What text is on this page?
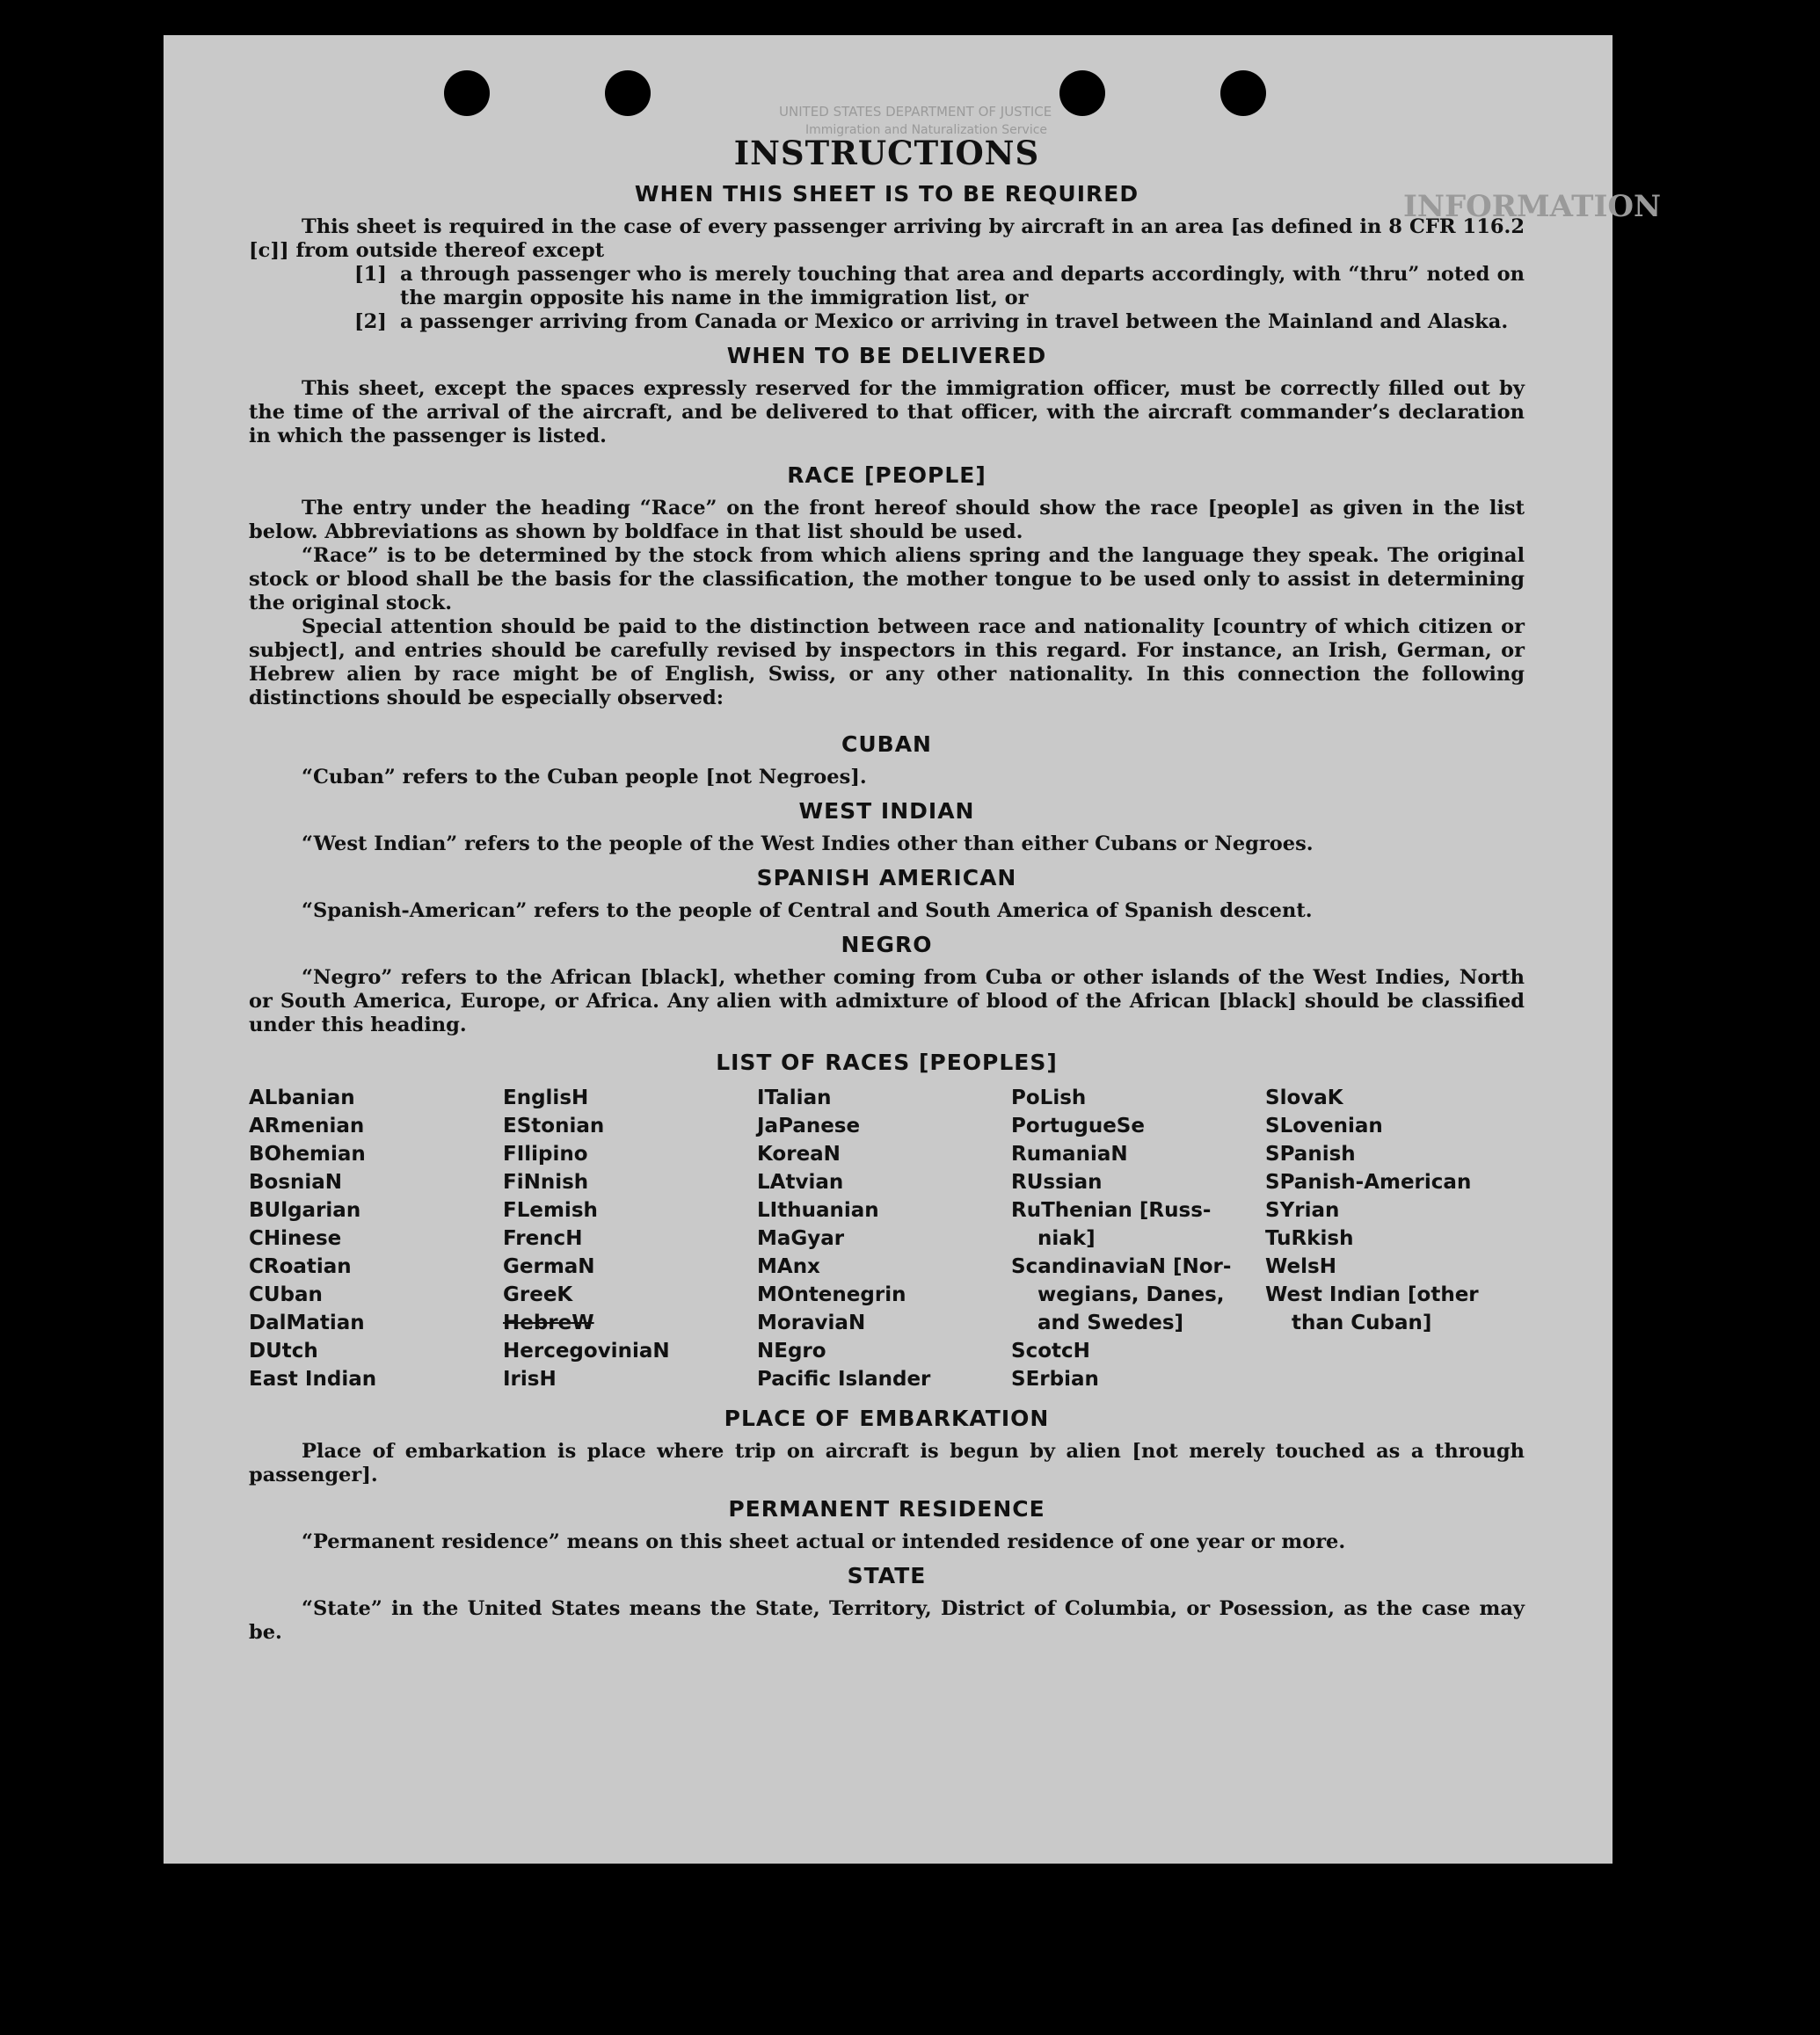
UNITED STATES DEPARTMENT OF JUSTICE
Immigration and Naturalization Service
INFORMATION
INSTRUCTIONS
WHEN THIS SHEET IS TO BE REQUIRED

This sheet is required in the case of every passenger arriving by aircraft in an area [as defined in 8 CFR 116.2 [c]] from outside thereof except

[1] a through passenger who is merely touching that area and departs accordingly, with “thru” noted on the margin opposite his name in the immigration list, or
[2] a passenger arriving from Canada or Mexico or arriving in travel between the Mainland and Alaska.
WHEN TO BE DELIVERED

This sheet, except the spaces expressly reserved for the immigration officer, must be correctly filled out by the time of the arrival of the aircraft, and be delivered to that officer, with the aircraft commander’s declaration in which the passenger is listed.

RACE [PEOPLE]

The entry under the heading “Race” on the front hereof should show the race [people] as given in the list below. Abbreviations as shown by boldface in that list should be used.

“Race” is to be determined by the stock from which aliens spring and the language they speak. The original stock or blood shall be the basis for the classification, the mother tongue to be used only to assist in determining the original stock.

Special attention should be paid to the distinction between race and nationality [country of which citizen or subject], and entries should be carefully revised by inspectors in this regard. For instance, an Irish, German, or Hebrew alien by race might be of English, Swiss, or any other nationality. In this connection the following distinctions should be especially observed:

CUBAN

“Cuban” refers to the Cuban people [not Negroes].

WEST INDIAN

“West Indian” refers to the people of the West Indies other than either Cubans or Negroes.

SPANISH AMERICAN

“Spanish-American” refers to the people of Central and South America of Spanish descent.

NEGRO

“Negro” refers to the African [black], whether coming from Cuba or other islands of the West Indies, North or South America, Europe, or Africa. Any alien with admixture of blood of the African [black] should be classified under this heading.

LIST OF RACES [PEOPLES]
ALbanian
ARmenian
BOhemian
BosniaN
BUlgarian
CHinese
CRoatian
CUban
DalMatian
DUtch
East Indian
EnglisH
EStonian
FIlipino
FiNnish
FLemish
FrencH
GermaN
GreeK
HebreW
HercegoviniaN
IrisH
ITalian
JaPanese
KoreaN
LAtvian
LIthuanian
MaGyar
MAnx
MOntenegrin
MoraviaN
NEgro
Pacific Islander
PoLish
PortugueSe
RumaniaN
RUssian
RuThenian [Russ-
niak]
ScandinaviaN [Nor-
wegians, Danes,
and Swedes]
ScotcH
SErbian
SlovaK
SLovenian
SPanish
SPanish-American
SYrian
TuRkish
WelsH
West Indian [other
than Cuban]
PLACE OF EMBARKATION

Place of embarkation is place where trip on aircraft is begun by alien [not merely touched as a through passenger].

PERMANENT RESIDENCE

“Permanent residence” means on this sheet actual or intended residence of one year or more.

STATE

“State” in the United States means the State, Territory, District of Columbia, or Posession, as the case may be.
